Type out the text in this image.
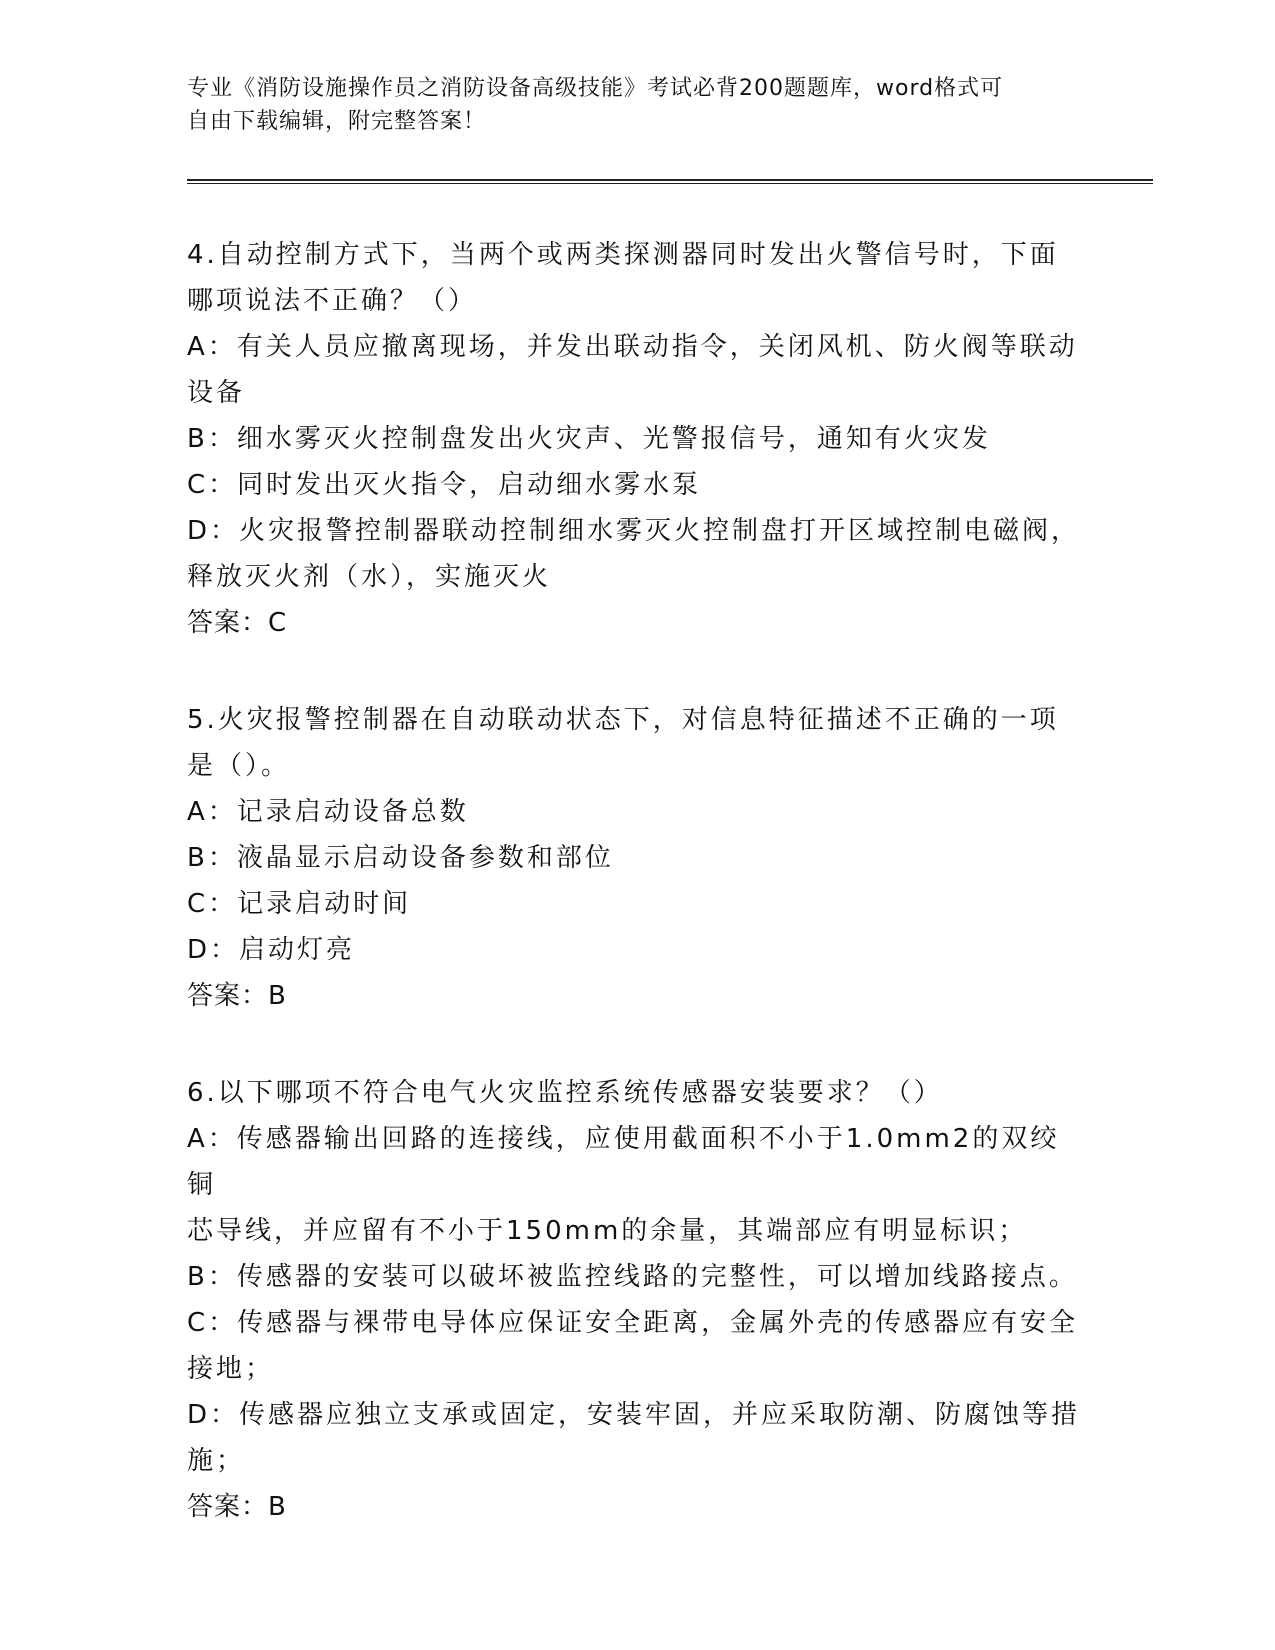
专业《消防设施操作员之消防设备高级技能》考试必背200题题库，word格式可

自由下载编辑，附完整答案！

4.自动控制方式下，当两个或两类探测器同时发出火警信号时，下面

哪项说法不正确？（）

A：有关人员应撤离现场，并发出联动指令，关闭风机、防火阀等联动

设备

B：细水雾灭火控制盘发出火灾声、光警报信号，通知有火灾发

C：同时发出灭火指令，启动细水雾水泵

D：火灾报警控制器联动控制细水雾灭火控制盘打开区域控制电磁阀，

释放灭火剂（水），实施灭火

答案：C

5.火灾报警控制器在自动联动状态下，对信息特征描述不正确的一项

是（）。

A：记录启动设备总数

B：液晶显示启动设备参数和部位

C：记录启动时间

D：启动灯亮

答案：B

6.以下哪项不符合电气火灾监控系统传感器安装要求？（）

A：传感器输出回路的连接线，应使用截面积不小于1.0mm2的双绞铜

芯导线，并应留有不小于150mm的余量，其端部应有明显标识；

B：传感器的安装可以破坏被监控线路的完整性，可以增加线路接点。

C：传感器与裸带电导体应保证安全距离，金属外壳的传感器应有安全

接地；

D：传感器应独立支承或固定，安装牢固，并应采取防潮、防腐蚀等措

施；

答案：B
